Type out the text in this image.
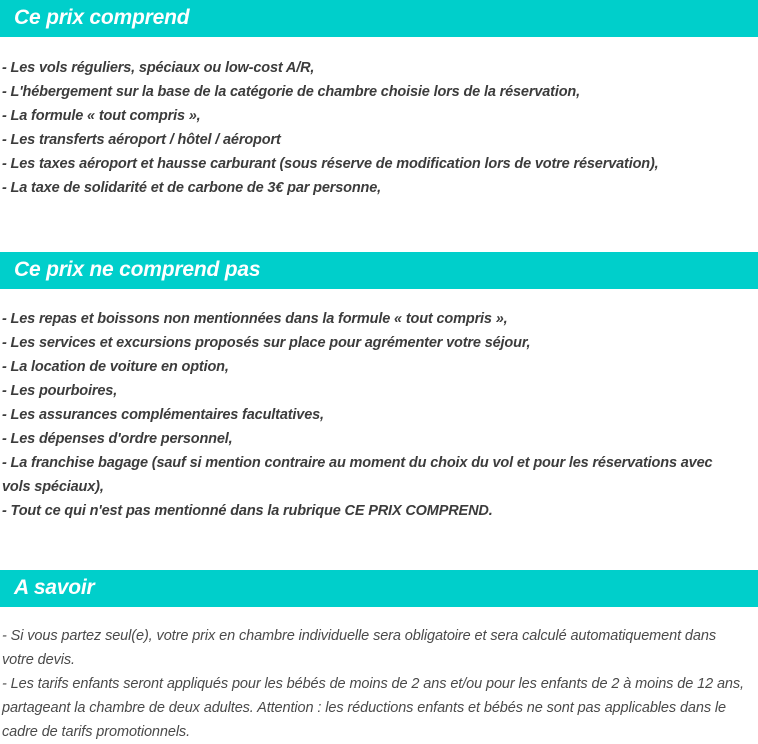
Ce prix comprend
- Les vols réguliers, spéciaux ou low-cost A/R,
- L'hébergement sur la base de la catégorie de chambre choisie lors de la réservation,
- La formule « tout compris »,
- Les transferts aéroport / hôtel / aéroport
- Les taxes aéroport et hausse carburant (sous réserve de modification lors de votre réservation),
- La taxe de solidarité et de carbone de 3€ par personne,
Ce prix ne comprend pas
- Les repas et boissons non mentionnées dans la formule « tout compris »,
- Les services et excursions proposés sur place pour agrémenter votre séjour,
- La location de voiture en option,
- Les pourboires,
- Les assurances complémentaires facultatives,
- Les dépenses d'ordre personnel,
- La franchise bagage (sauf si mention contraire au moment du choix du vol et pour les réservations avec vols spéciaux),
- Tout ce qui n'est pas mentionné dans la rubrique CE PRIX COMPREND.
A savoir
- Si vous partez seul(e), votre prix en chambre individuelle sera obligatoire et sera calculé automatiquement dans votre devis.
- Les tarifs enfants seront appliqués pour les bébés de moins de 2 ans et/ou pour les enfants de 2 à moins de 12 ans, partageant la chambre de deux adultes. Attention : les réductions enfants et bébés ne sont pas applicables dans le cadre de tarifs promotionnels.
